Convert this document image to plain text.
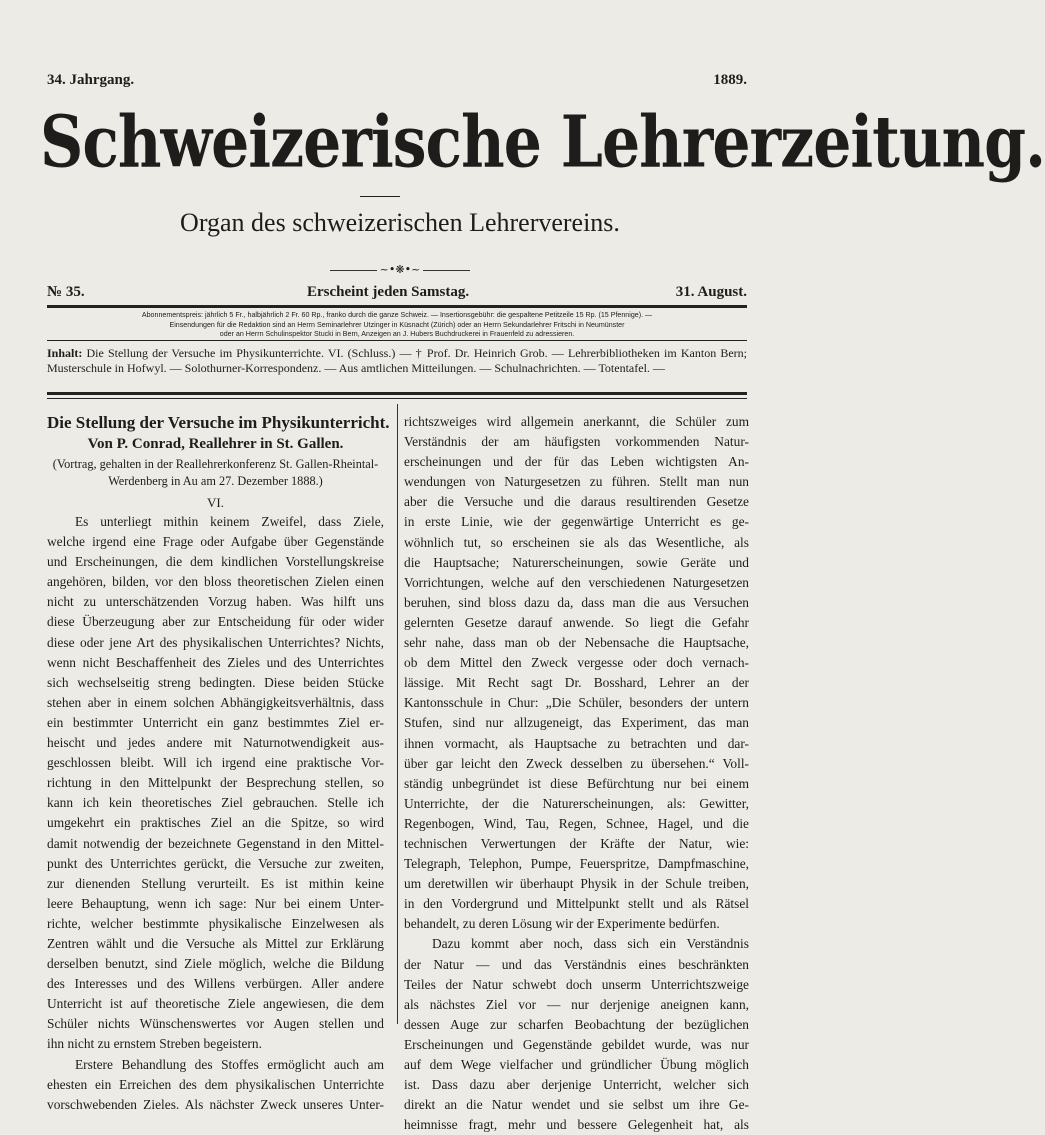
34. Jahrgang.	1889.
Schweizerische Lehrerzeitung.
Organ des schweizerischen Lehrervereins.
~•❋•~
№ 35.	Erscheint jeden Samstag.	31. August.
Abonnementspreis: jährlich 5 Fr., halbjährlich 2 Fr. 60 Rp., franko durch die ganze Schweiz. — Insertionsgebühr: die gespaltene Petitzeile 15 Rp. (15 Pfennige). —
Einsendungen für die Redaktion sind an Herrn Seminarlehrer Utzinger in Küsnacht (Zürich) oder an Herrn Sekundarlehrer Fritschi in Neumünster
oder an Herrn Schulinspektor Stucki in Bern, Anzeigen an J. Hubers Buchdruckerei in Frauenfeld zu adressieren.
Inhalt: Die Stellung der Versuche im Physikunterrichte. VI. (Schluss.) — † Prof. Dr. Heinrich Grob. — Lehrerbibliotheken im Kanton Bern; Musterschule in Hofwyl. — Solothurner-Korrespondenz. — Aus amtlichen Mitteilungen. — Schulnachrichten. — Totentafel. —
Die Stellung der Versuche im Physikunterricht.
Von P. Conrad, Reallehrer in St. Gallen.
(Vortrag, gehalten in der Reallehrerkonferenz St. Gallen-Rheintal-Werdenberg in Au am 27. Dezember 1888.)
VI.
Es unterliegt mithin keinem Zweifel, dass Ziele,
welche irgend eine Frage oder Aufgabe über Gegenstände
und Erscheinungen, die dem kindlichen Vorstellungskreise
angehören, bilden, vor den bloss theoretischen Zielen einen
nicht zu unterschätzenden Vorzug haben. Was hilft uns
diese Überzeugung aber zur Entscheidung für oder wider
diese oder jene Art des physikalischen Unterrichtes? Nichts,
wenn nicht Beschaffenheit des Zieles und des Unterrichtes
sich wechselseitig streng bedingten. Diese beiden Stücke
stehen aber in einem solchen Abhängigkeitsverhältnis, dass
ein bestimmter Unterricht ein ganz bestimmtes Ziel er-
heischt und jedes andere mit Naturnotwendigkeit aus-
geschlossen bleibt. Will ich irgend eine praktische Vor-
richtung in den Mittelpunkt der Besprechung stellen, so
kann ich kein theoretisches Ziel gebrauchen. Stelle ich
umgekehrt ein praktisches Ziel an die Spitze, so wird
damit notwendig der bezeichnete Gegenstand in den Mittel-
punkt des Unterrichtes gerückt, die Versuche zur zweiten,
zur dienenden Stellung verurteilt. Es ist mithin keine
leere Behauptung, wenn ich sage: Nur bei einem Unter-
richte, welcher bestimmte physikalische Einzelwesen als
Zentren wählt und die Versuche als Mittel zur Erklärung
derselben benutzt, sind Ziele möglich, welche die Bildung
des Interesses und des Willens verbürgen. Aller andere
Unterricht ist auf theoretische Ziele angewiesen, die dem
Schüler nichts Wünschenswertes vor Augen stellen und
ihn nicht zu ernstem Streben begeistern.
Erstere Behandlung des Stoffes ermöglicht auch am
ehesten ein Erreichen des dem physikalischen Unterrichte
vorschwebenden Zieles. Als nächster Zweck unseres Unter-
richtszweiges wird allgemein anerkannt, die Schüler zum
Verständnis der am häufigsten vorkommenden Natur-
erscheinungen und der für das Leben wichtigsten An-
wendungen von Naturgesetzen zu führen. Stellt man nun
aber die Versuche und die daraus resultirenden Gesetze
in erste Linie, wie der gegenwärtige Unterricht es ge-
wöhnlich tut, so erscheinen sie als das Wesentliche, als
die Hauptsache; Naturerscheinungen, sowie Geräte und
Vorrichtungen, welche auf den verschiedenen Naturgesetzen
beruhen, sind bloss dazu da, dass man die aus Versuchen
gelernten Gesetze darauf anwende. So liegt die Gefahr
sehr nahe, dass man ob der Nebensache die Hauptsache,
ob dem Mittel den Zweck vergesse oder doch vernach-
lässige. Mit Recht sagt Dr. Bosshard, Lehrer an der
Kantonsschule in Chur: „Die Schüler, besonders der untern
Stufen, sind nur allzugeneigt, das Experiment, das man
ihnen vormacht, als Hauptsache zu betrachten und dar-
über gar leicht den Zweck desselben zu übersehen.“ Voll-
ständig unbegründet ist diese Befürchtung nur bei einem
Unterrichte, der die Naturerscheinungen, als: Gewitter,
Regenbogen, Wind, Tau, Regen, Schnee, Hagel, und die
technischen Verwertungen der Kräfte der Natur, wie:
Telegraph, Telephon, Pumpe, Feuerspritze, Dampfmaschine,
um deretwillen wir überhaupt Physik in der Schule treiben,
in den Vordergrund und Mittelpunkt stellt und als Rätsel
behandelt, zu deren Lösung wir der Experimente bedürfen.
Dazu kommt aber noch, dass sich ein Verständnis
der Natur — und das Verständnis eines beschränkten
Teiles der Natur schwebt doch unserm Unterrichtszweige
als nächstes Ziel vor — nur derjenige aneignen kann,
dessen Auge zur scharfen Beobachtung der bezüglichen
Erscheinungen und Gegenstände gebildet wurde, was nur
auf dem Wege vielfacher und gründlicher Übung möglich
ist. Dass dazu aber derjenige Unterricht, welcher sich
direkt an die Natur wendet und sie selbst um ihre Ge-
heimnisse fragt, mehr und bessere Gelegenheit hat, als
